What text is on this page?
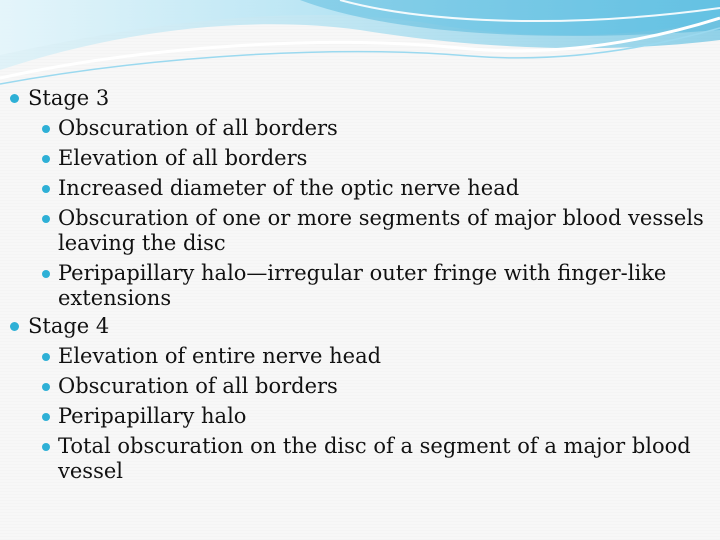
Stage 3
Obscuration of all borders
Elevation of all borders
Increased diameter of the optic nerve head
Obscuration of one or more segments of major blood vessels leaving the disc
Peripapillary halo—irregular outer fringe with finger-like extensions
Stage 4
Elevation of entire nerve head
Obscuration of all borders
Peripapillary halo
Total obscuration on the disc of a segment of a major blood vessel
